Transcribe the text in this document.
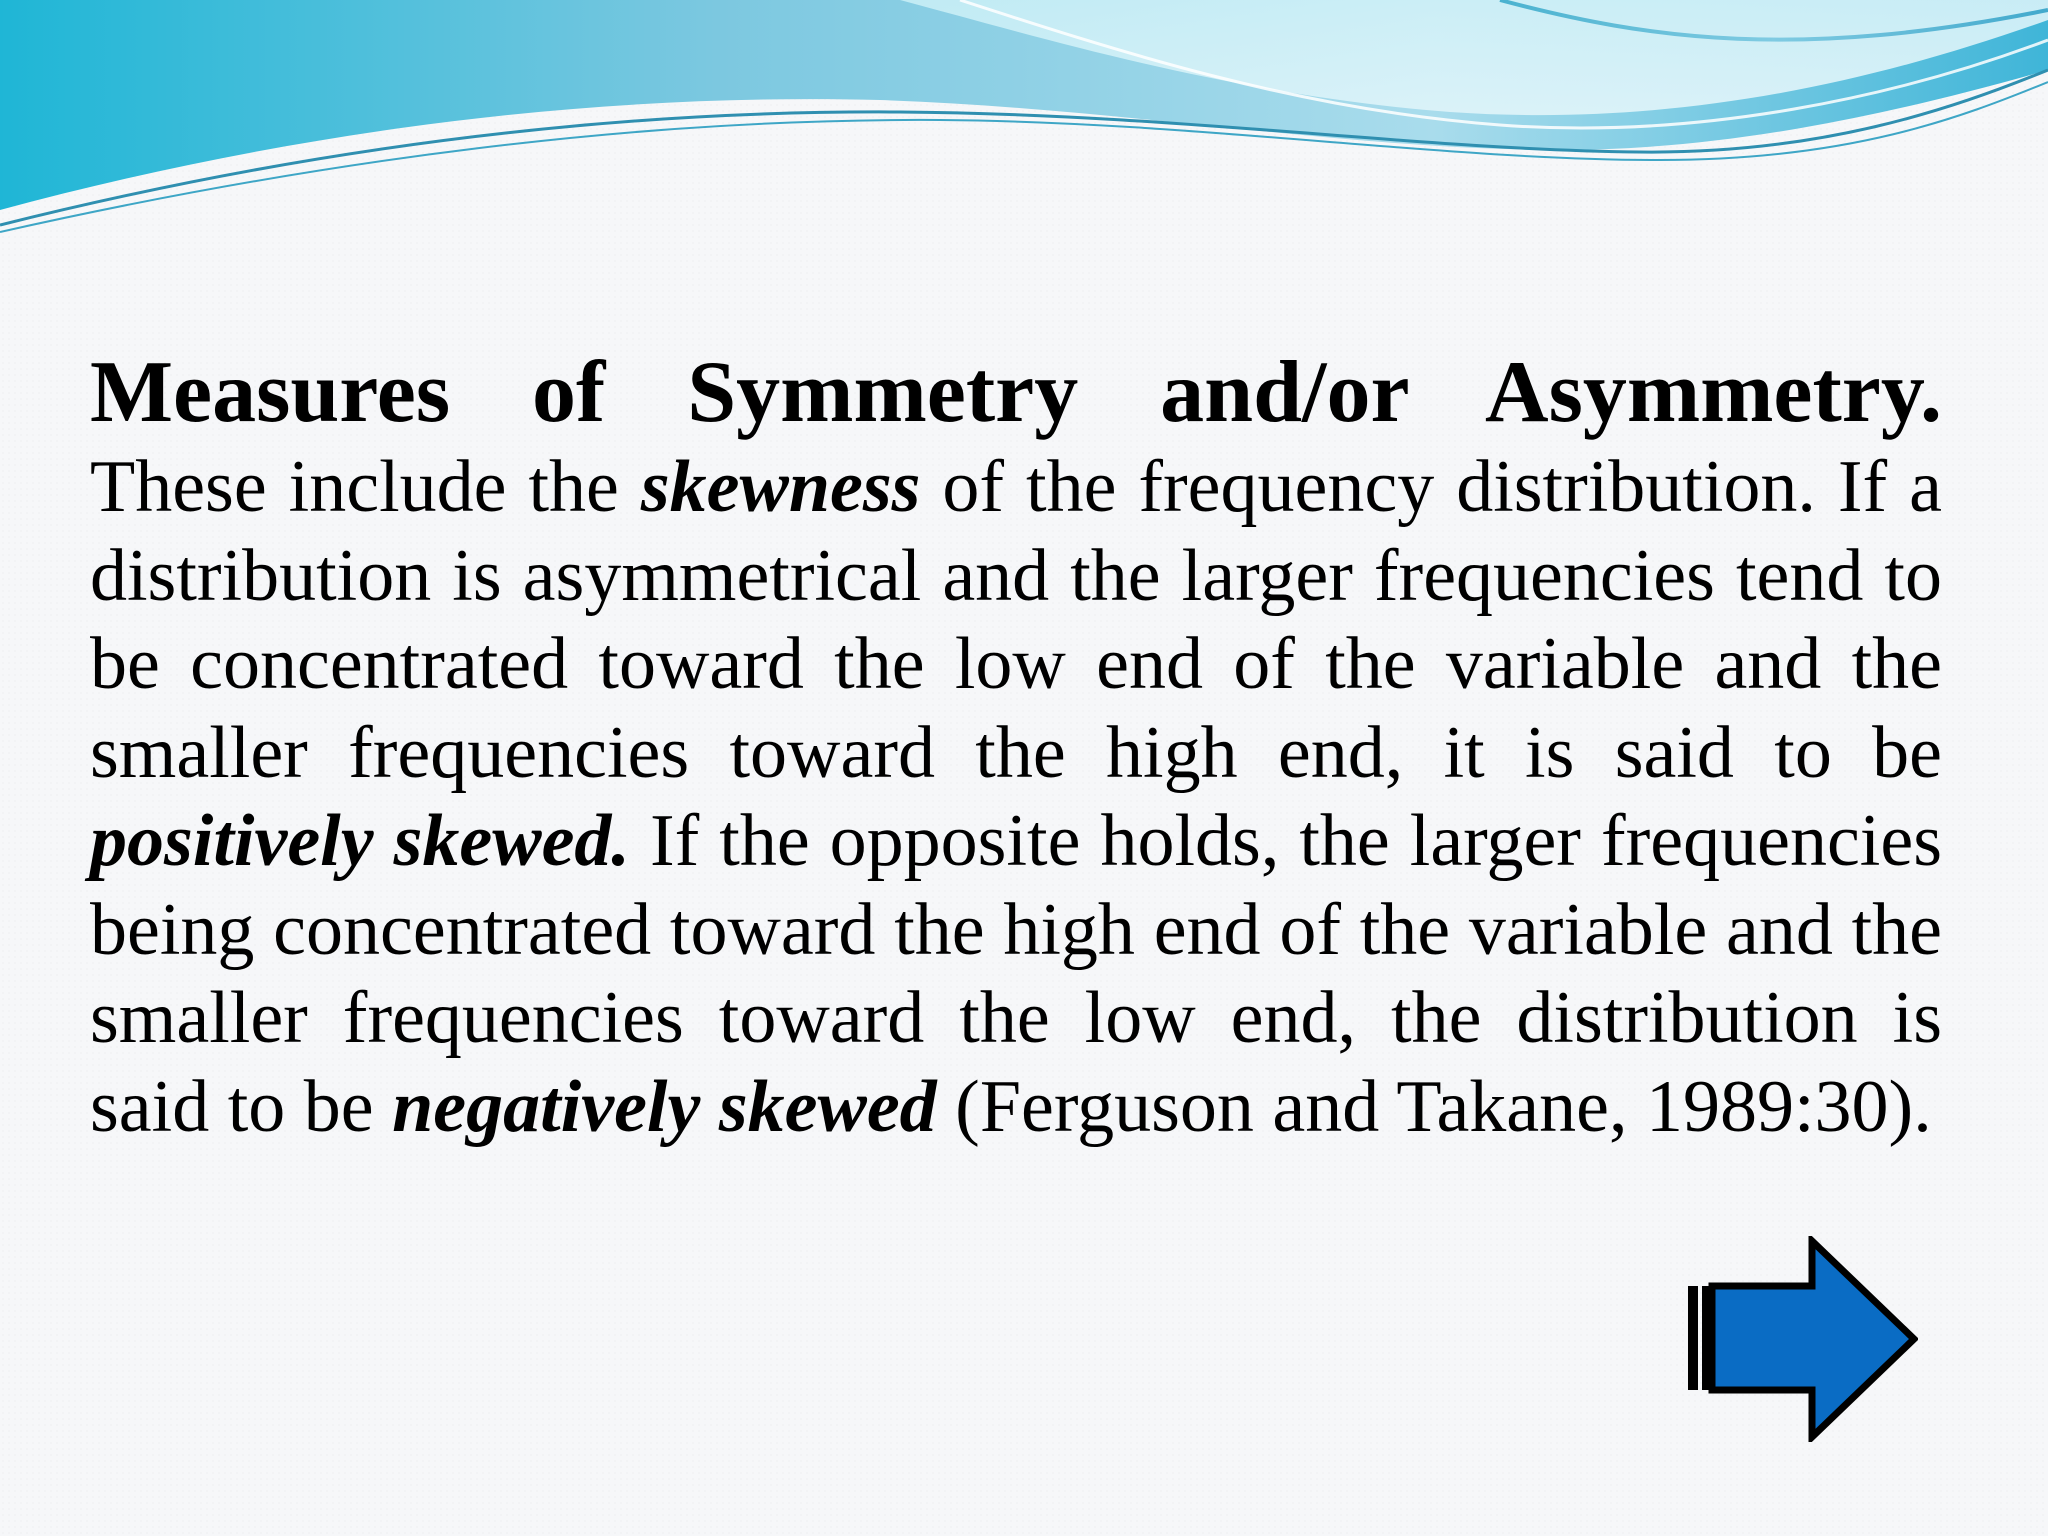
Measures of Symmetry and/or Asymmetry.
These include the skewness of the frequency distribution. If a distribution is asymmetrical and the larger frequencies tend to be concentrated toward the low end of the variable and the smaller frequencies toward the high end, it is said to be positively skewed. If the opposite holds, the larger frequencies being concentrated toward the high end of the variable and the smaller frequencies toward the low end, the distribution is said to be negatively skewed (Ferguson and Takane, 1989:30).
